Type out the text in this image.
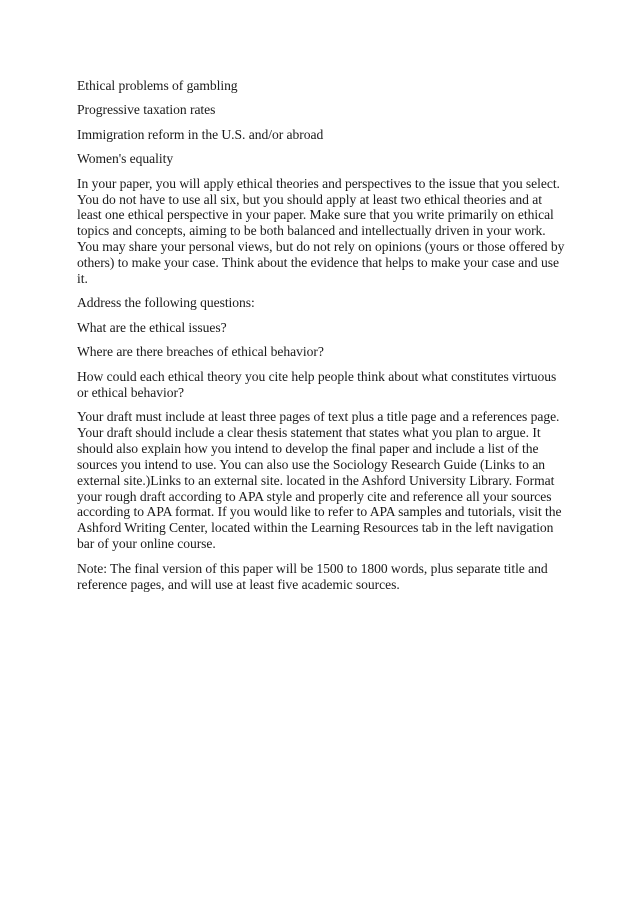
Ethical problems of gambling

Progressive taxation rates

Immigration reform in the U.S. and/or abroad

Women's equality

In your paper, you will apply ethical theories and perspectives to the issue that you select. You do not have to use all six, but you should apply at least two ethical theories and at least one ethical perspective in your paper. Make sure that you write primarily on ethical topics and concepts, aiming to be both balanced and intellectually driven in your work. You may share your personal views, but do not rely on opinions (yours or those offered by others) to make your case. Think about the evidence that helps to make your case and use it.

Address the following questions:

What are the ethical issues?

Where are there breaches of ethical behavior?

How could each ethical theory you cite help people think about what constitutes virtuous or ethical behavior?

Your draft must include at least three pages of text plus a title page and a references page. Your draft should include a clear thesis statement that states what you plan to argue. It should also explain how you intend to develop the final paper and include a list of the sources you intend to use. You can also use the Sociology Research Guide (Links to an external site.)Links to an external site. located in the Ashford University Library. Format your rough draft according to APA style and properly cite and reference all your sources according to APA format. If you would like to refer to APA samples and tutorials, visit the Ashford Writing Center, located within the Learning Resources tab in the left navigation bar of your online course.

Note: The final version of this paper will be 1500 to 1800 words, plus separate title and reference pages, and will use at least five academic sources.
